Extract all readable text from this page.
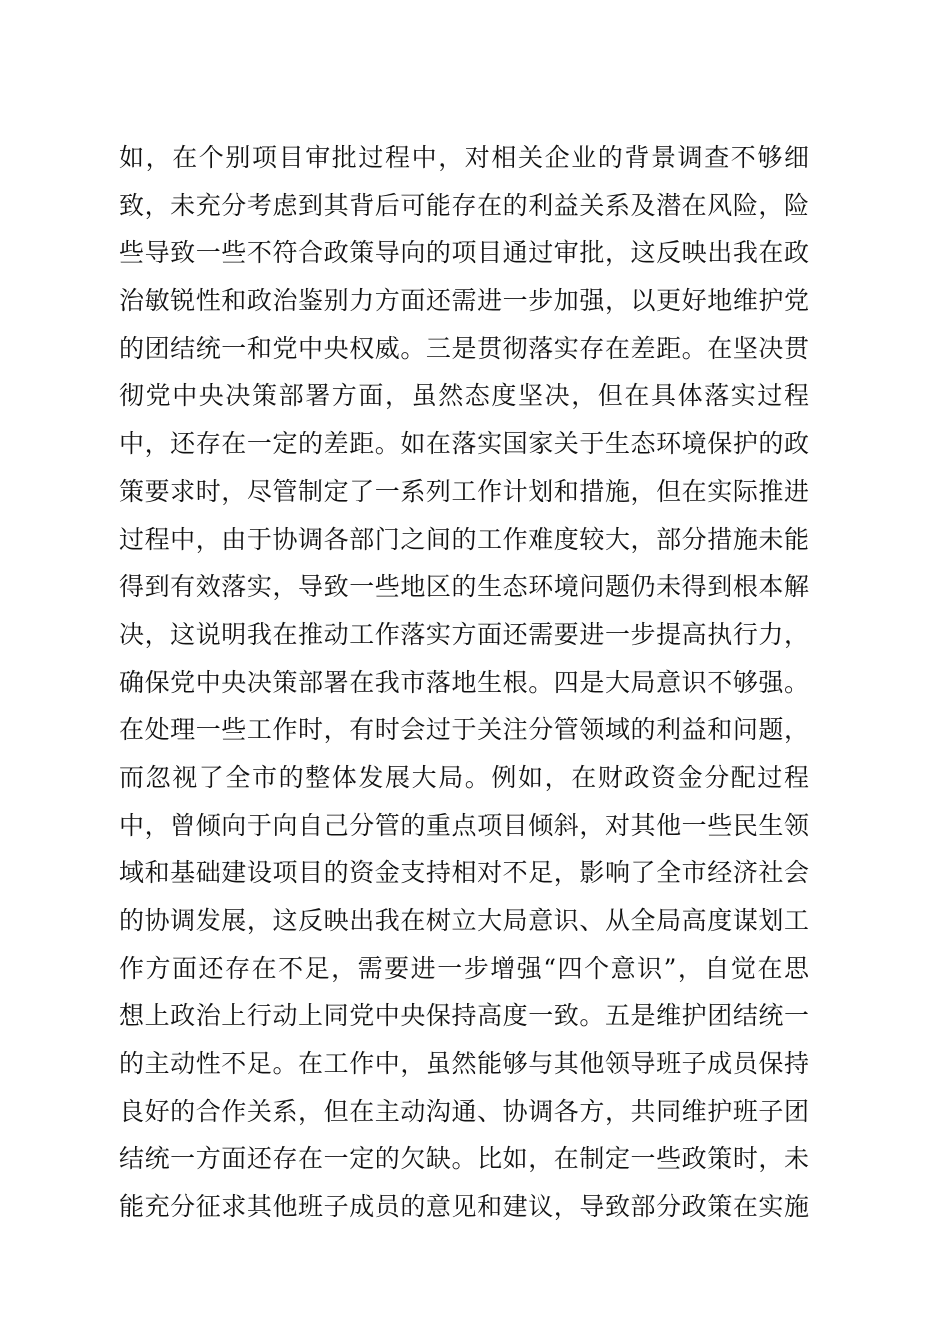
如，在个别项目审批过程中，对相关企业的背景调查不够细
致，未充分考虑到其背后可能存在的利益关系及潜在风险，险
些导致一些不符合政策导向的项目通过审批，这反映出我在政
治敏锐性和政治鉴别力方面还需进一步加强，以更好地维护党
的团结统一和党中央权威。三是贯彻落实存在差距。在坚决贯
彻党中央决策部署方面，虽然态度坚决，但在具体落实过程
中，还存在一定的差距。如在落实国家关于生态环境保护的政
策要求时，尽管制定了一系列工作计划和措施，但在实际推进
过程中，由于协调各部门之间的工作难度较大，部分措施未能
得到有效落实，导致一些地区的生态环境问题仍未得到根本解
决，这说明我在推动工作落实方面还需要进一步提高执行力，
确保党中央决策部署在我市落地生根。四是大局意识不够强。
在处理一些工作时，有时会过于关注分管领域的利益和问题，
而忽视了全市的整体发展大局。例如，在财政资金分配过程
中，曾倾向于向自己分管的重点项目倾斜，对其他一些民生领
域和基础建设项目的资金支持相对不足，影响了全市经济社会
的协调发展，这反映出我在树立大局意识、从全局高度谋划工
作方面还存在不足，需要进一步增强“四个意识”，自觉在思
想上政治上行动上同党中央保持高度一致。五是维护团结统一
的主动性不足。在工作中，虽然能够与其他领导班子成员保持
良好的合作关系，但在主动沟通、协调各方，共同维护班子团
结统一方面还存在一定的欠缺。比如，在制定一些政策时，未
能充分征求其他班子成员的意见和建议，导致部分政策在实施
